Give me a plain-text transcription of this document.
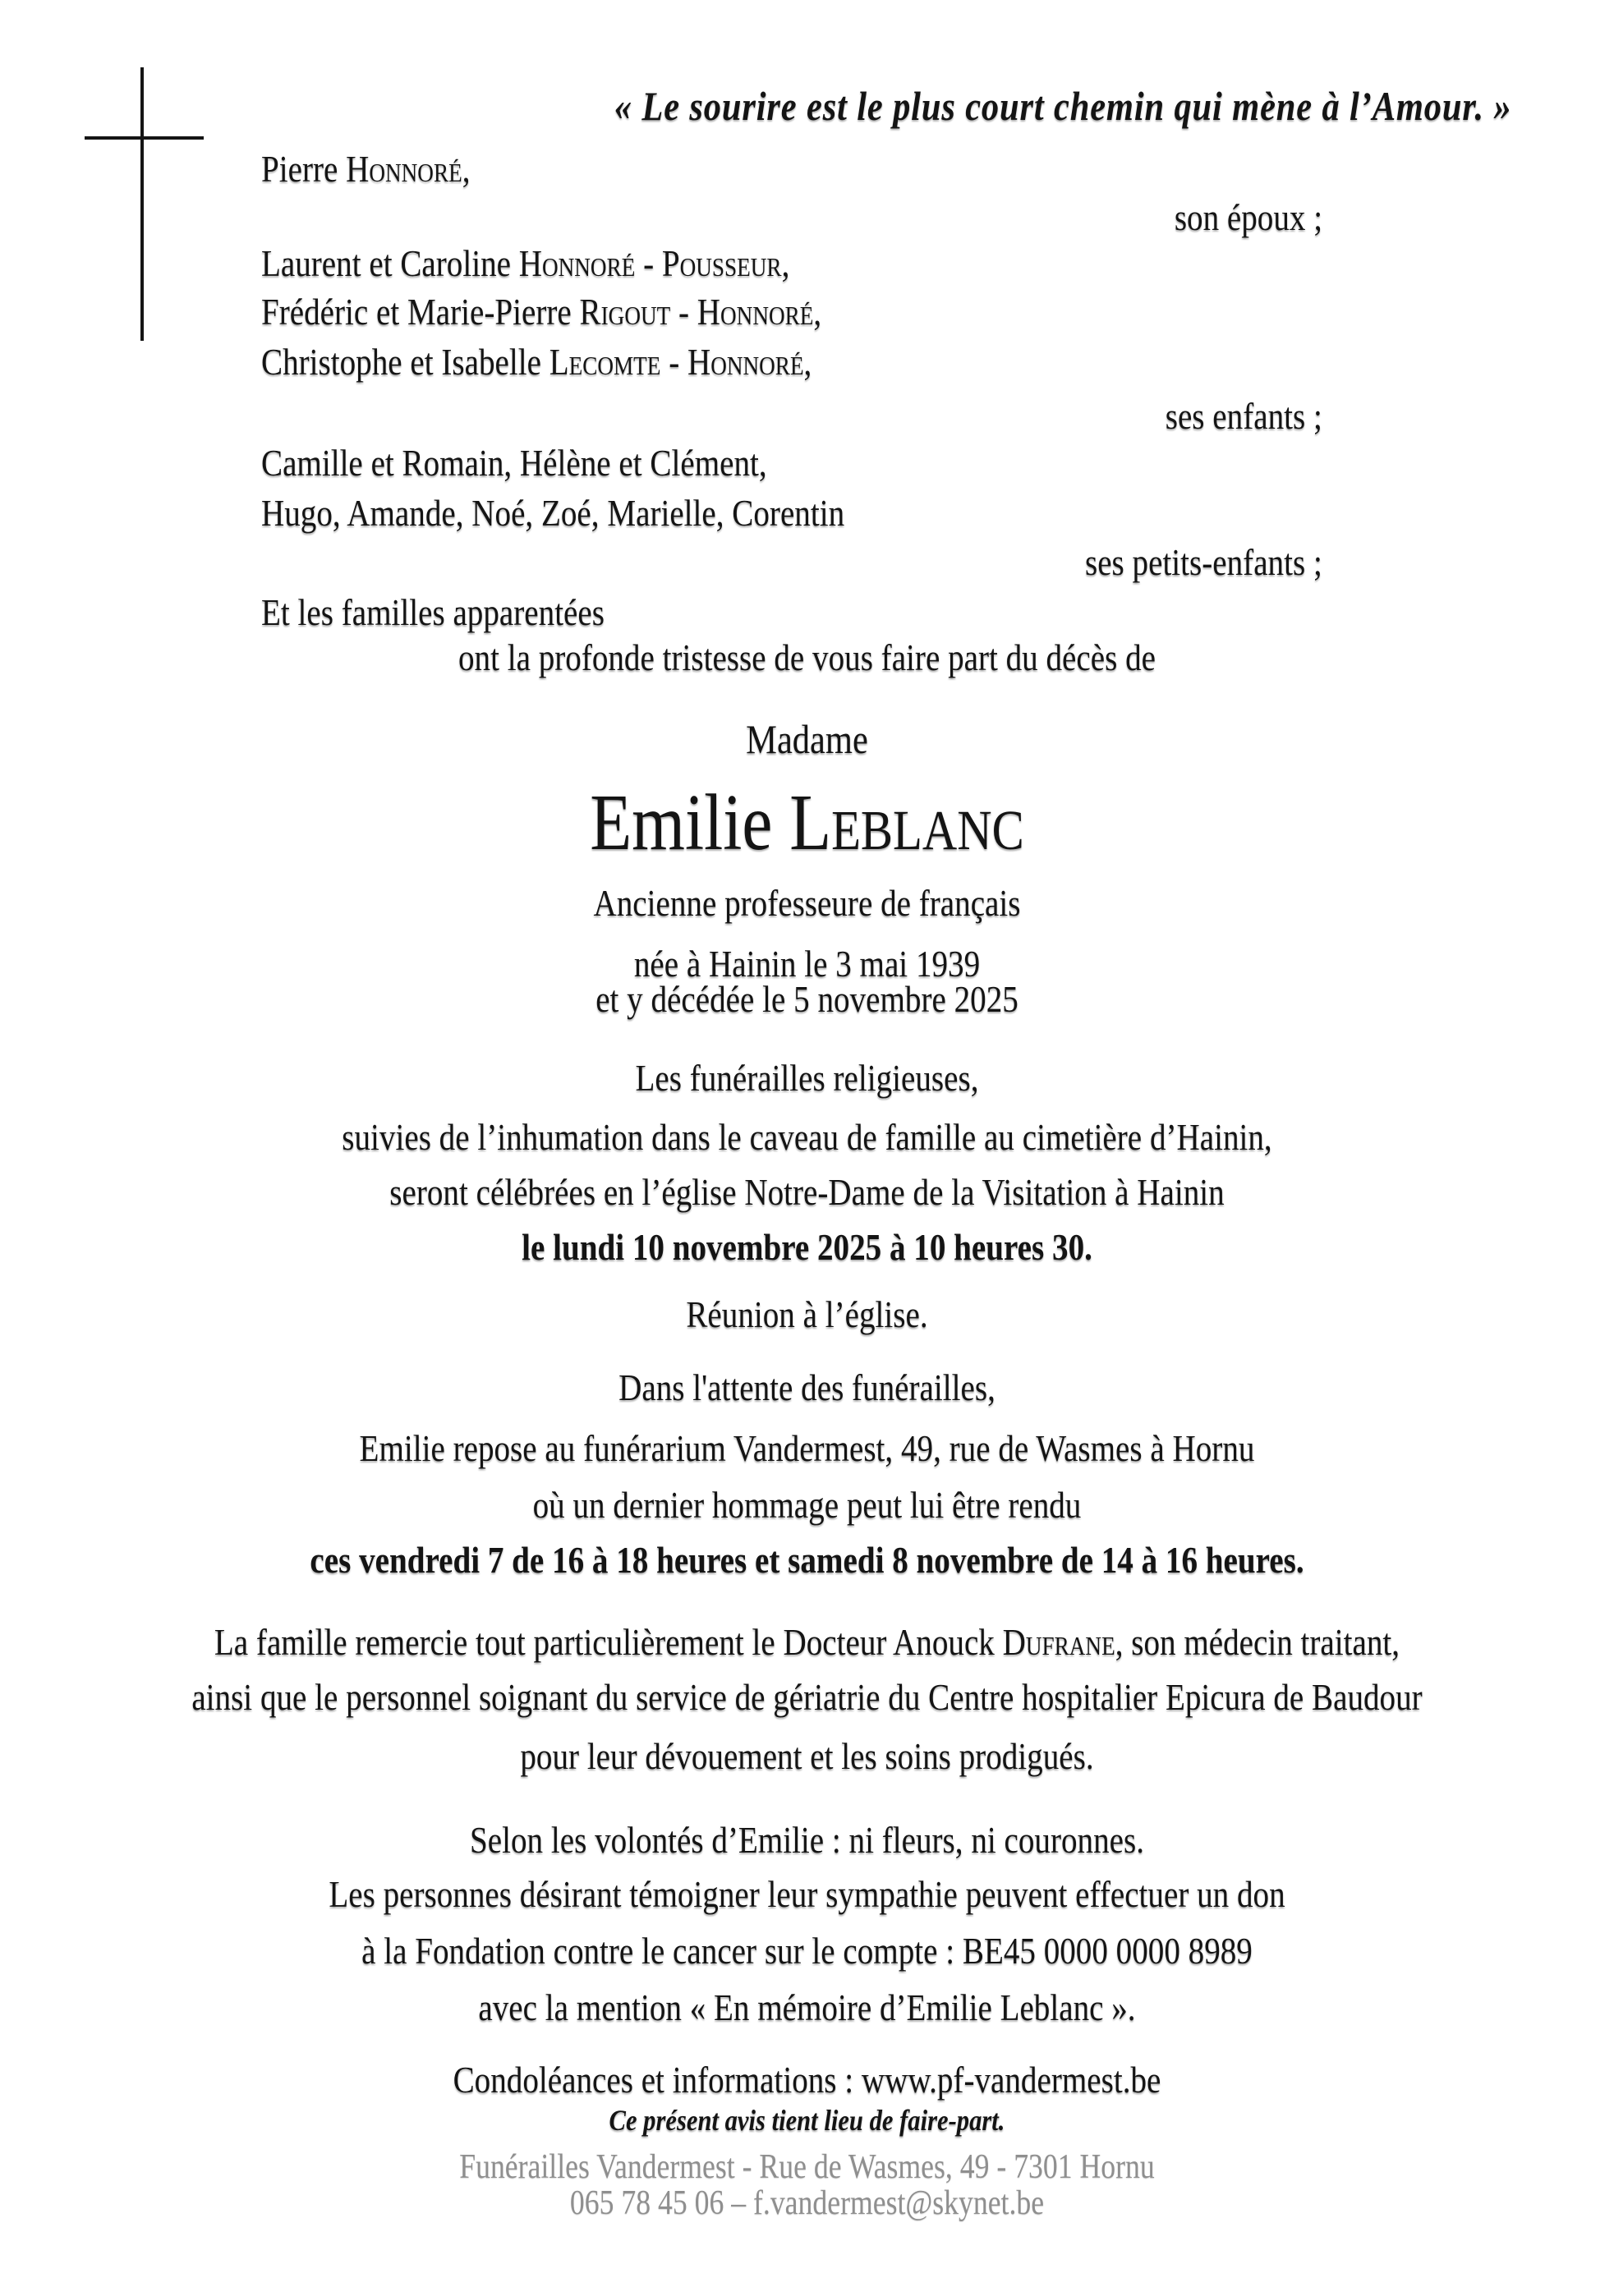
« Le sourire est le plus court chemin qui mène à l’Amour. »
Pierre Honnoré,
son époux ;
Laurent et Caroline Honnoré - Pousseur,
Frédéric et Marie-Pierre Rigout - Honnoré,
Christophe et Isabelle Lecomte - Honnoré,
ses enfants ;
Camille et Romain, Hélène et Clément,
Hugo, Amande, Noé, Zoé, Marielle, Corentin
ses petits-enfants ;
Et les familles apparentées
ont la profonde tristesse de vous faire part du décès de
Madame
Emilie Leblanc
Ancienne professeure de français
née à Hainin le 3 mai 1939
et y décédée le 5 novembre 2025
Les funérailles religieuses,
suivies de l’inhumation dans le caveau de famille au cimetière d’Hainin,
seront célébrées en l’église Notre-Dame de la Visitation à Hainin
le lundi 10 novembre 2025 à 10 heures 30.
Réunion à l’église.
Dans l'attente des funérailles,
Emilie repose au funérarium Vandermest, 49, rue de Wasmes à Hornu
où un dernier hommage peut lui être rendu
ces vendredi 7 de 16 à 18 heures et samedi 8 novembre de 14 à 16 heures.
La famille remercie tout particulièrement le Docteur Anouck Dufrane, son médecin traitant,
ainsi que le personnel soignant du service de gériatrie du Centre hospitalier Epicura de Baudour
pour leur dévouement et les soins prodigués.
Selon les volontés d’Emilie : ni fleurs, ni couronnes.
Les personnes désirant témoigner leur sympathie peuvent effectuer un don
à la Fondation contre le cancer sur le compte : BE45 0000 0000 8989
avec la mention « En mémoire d’Emilie Leblanc ».
Condoléances et informations : www.pf-vandermest.be
Ce présent avis tient lieu de faire-part.
Funérailles Vandermest - Rue de Wasmes, 49 - 7301 Hornu
065 78 45 06 – f.vandermest@skynet.be
